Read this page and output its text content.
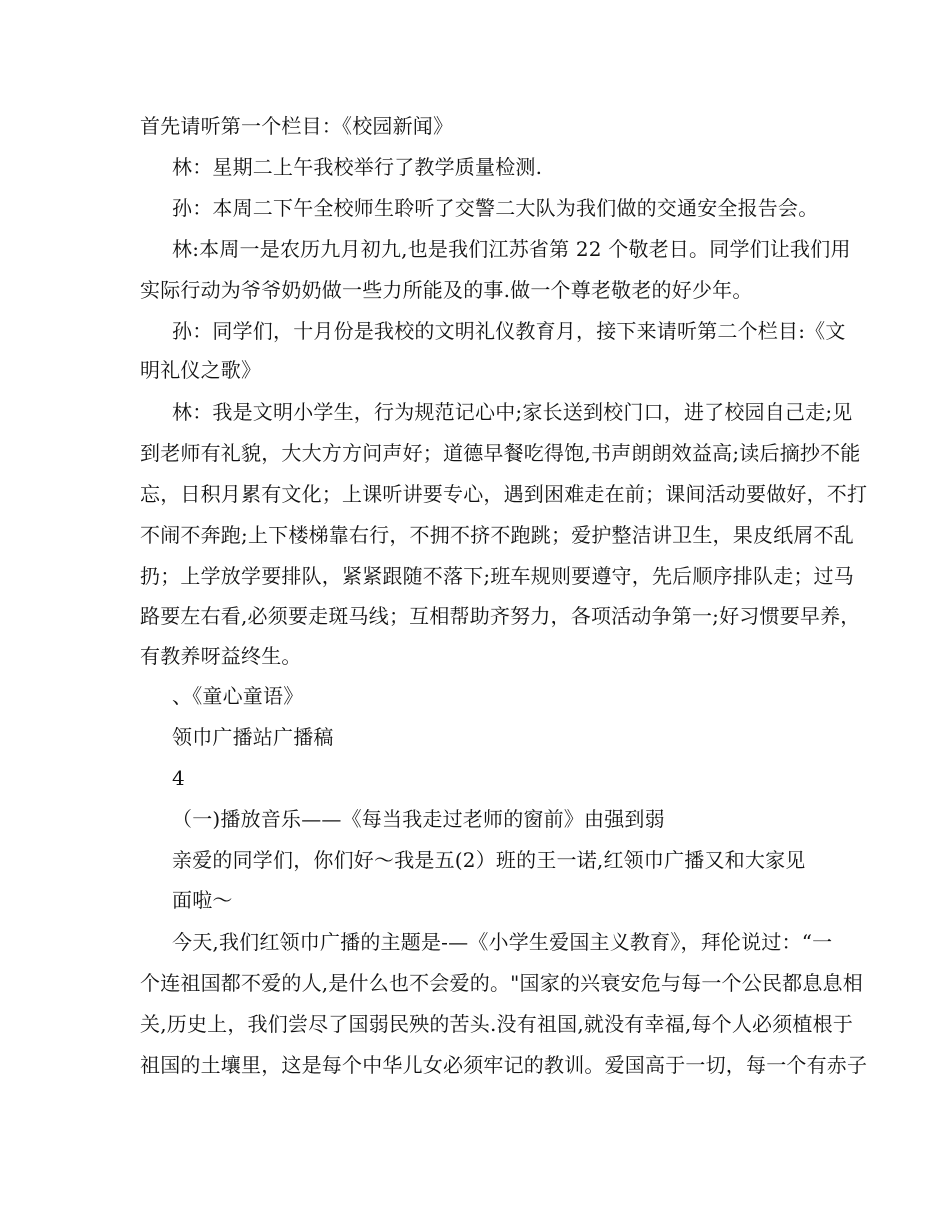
首先请听第一个栏目：《校园新闻》
林：星期二上午我校举行了教学质量检测.
孙：本周二下午全校师生聆听了交警二大队为我们做的交通安全报告会。
林:本周一是农历九月初九,也是我们江苏省第 22 个敬老日。同学们让我们用
实际行动为爷爷奶奶做一些力所能及的事.做一个尊老敬老的好少年。
孙：同学们，十月份是我校的文明礼仪教育月，接下来请听第二个栏目:《文
明礼仪之歌》
林：我是文明小学生，行为规范记心中;家长送到校门口，进了校园自己走;见
到老师有礼貌，大大方方问声好；道德早餐吃得饱,书声朗朗效益高;读后摘抄不能
忘，日积月累有文化；上课听讲要专心，遇到困难走在前；课间活动要做好，不打
不闹不奔跑;上下楼梯靠右行，不拥不挤不跑跳；爱护整洁讲卫生，果皮纸屑不乱
扔；上学放学要排队，紧紧跟随不落下;班车规则要遵守，先后顺序排队走；过马
路要左右看,必须要走斑马线；互相帮助齐努力，各项活动争第一;好习惯要早养，
有教养呀益终生。
、《童心童语》
领巾广播站广播稿
4
（一)播放音乐——《每当我走过老师的窗前》由强到弱
亲爱的同学们，你们好～我是五(2）班的王一诺,红领巾广播又和大家见
面啦～
今天,我们红领巾广播的主题是-—《小学生爱国主义教育》，拜伦说过：“一
个连祖国都不爱的人,是什么也不会爱的。"国家的兴衰安危与每一个公民都息息相
关,历史上，我们尝尽了国弱民殃的苦头.没有祖国,就没有幸福,每个人必须植根于
祖国的土壤里，这是每个中华儿女必须牢记的教训。爱国高于一切，每一个有赤子
